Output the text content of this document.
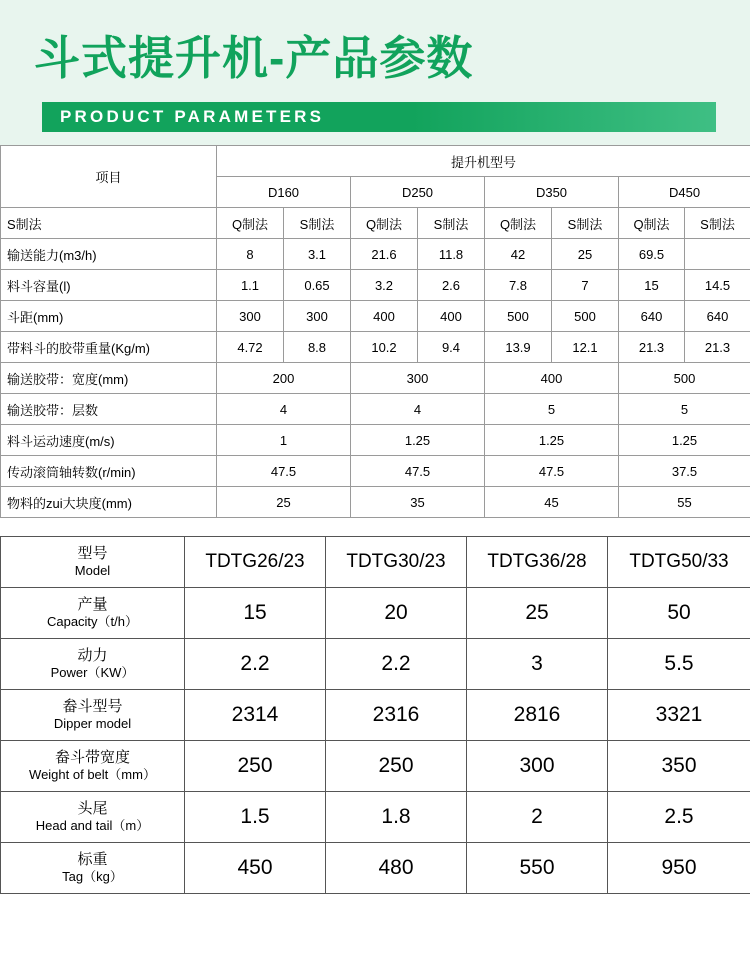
斗式提升机-产品参数
PRODUCT PARAMETERS
项目	提升机型号							
	D160		D250		D350		D450	
S制法	Q制法	S制法	Q制法	S制法	Q制法	S制法	Q制法	S制法
输送能力(m3/h)	8	3.1	21.6	11.8	42	25	69.5	
料斗容量(l)	1.1	0.65	3.2	2.6	7.8	7	15	14.5
斗距(mm)	300	300	400	400	500	500	640	640
带料斗的胶带重量(Kg/m)	4.72	8.8	10.2	9.4	13.9	12.1	21.3	21.3
输送胶带：宽度(mm)	200		300		400		500	
输送胶带：层数	4		4		5		5	
料斗运动速度(m/s)	1		1.25		1.25		1.25	
传动滚筒轴转数(r/min)	47.5		47.5		47.5		37.5	
物料的zui大块度(mm)	25		35		45		55	
型号
Model	TDTG26/23	TDTG30/23	TDTG36/28	TDTG50/33

产量
Capacity（t/h）	15	20	25	50

动力
Power（KW）	2.2	2.2	3	5.5

畚斗型号
Dipper model	2314	2316	2816	3321

畚斗带宽度
Weight of belt（mm）	250	250	300	350

头尾
Head and tail（m）	1.5	1.8	2	2.5

标重
Tag（kg）	450	480	550	950
